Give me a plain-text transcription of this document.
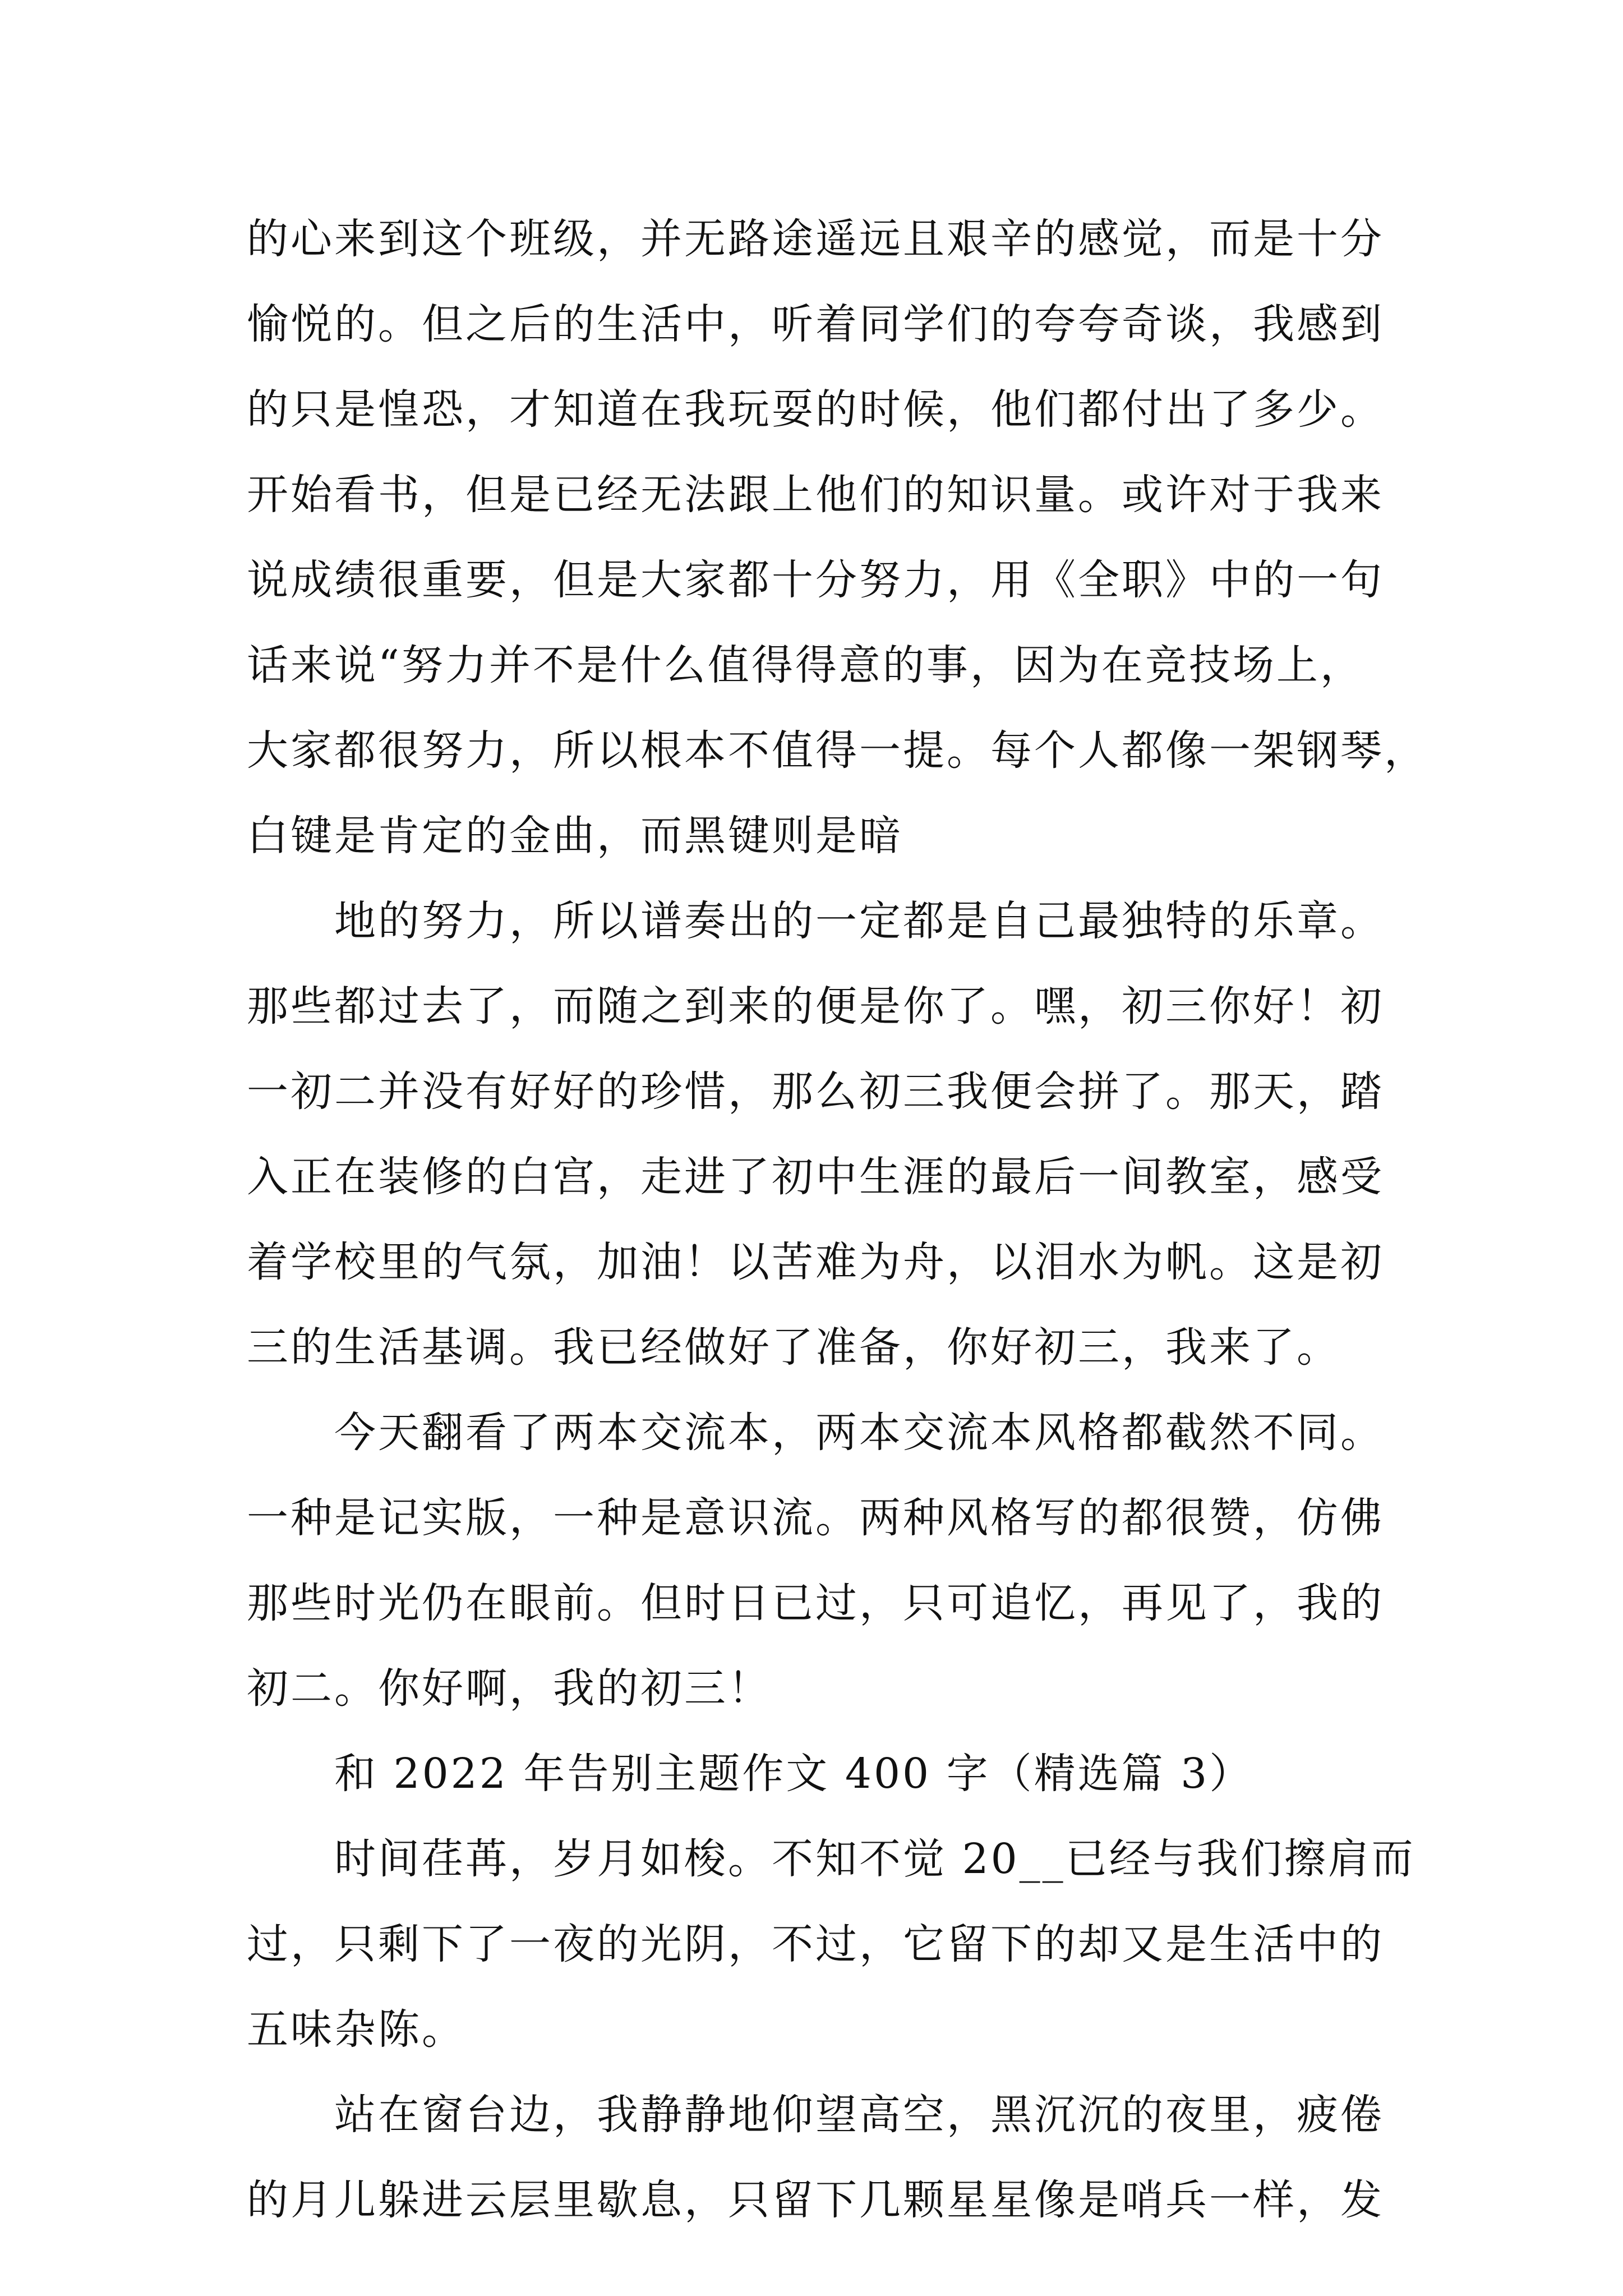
的心来到这个班级，并无路途遥远且艰辛的感觉，而是十分
愉悦的。但之后的生活中，听着同学们的夸夸奇谈，我感到
的只是惶恐，才知道在我玩耍的时候，他们都付出了多少。
开始看书，但是已经无法跟上他们的知识量。或许对于我来
说成绩很重要，但是大家都十分努力，用《全职》中的一句
话来说“努力并不是什么值得得意的事，因为在竞技场上，
大家都很努力，所以根本不值得一提。每个人都像一架钢琴，
白键是肯定的金曲，而黑键则是暗
地的努力，所以谱奏出的一定都是自己最独特的乐章。
那些都过去了，而随之到来的便是你了。嘿，初三你好！初
一初二并没有好好的珍惜，那么初三我便会拼了。那天，踏
入正在装修的白宫，走进了初中生涯的最后一间教室，感受
着学校里的气氛，加油！以苦难为舟，以泪水为帆。这是初
三的生活基调。我已经做好了准备，你好初三，我来了。
今天翻看了两本交流本，两本交流本风格都截然不同。
一种是记实版，一种是意识流。两种风格写的都很赞，仿佛
那些时光仍在眼前。但时日已过，只可追忆，再见了，我的
初二。你好啊，我的初三！
和 2022 年告别主题作文 400 字（精选篇 3）
时间荏苒，岁月如梭。不知不觉 20__已经与我们擦肩而
过，只剩下了一夜的光阴，不过，它留下的却又是生活中的
五味杂陈。
站在窗台边，我静静地仰望高空，黑沉沉的夜里，疲倦
的月儿躲进云层里歇息，只留下几颗星星像是哨兵一样，发
